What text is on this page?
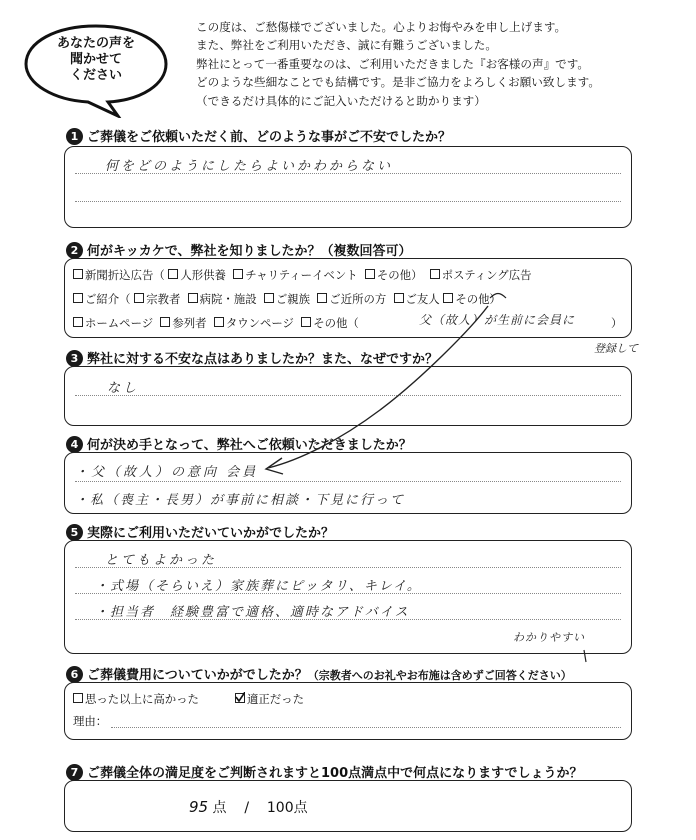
あなたの声を
聞かせて
ください
この度は、ご愁傷様でございました。心よりお悔やみを申し上げます。
また、弊社をご利用いただき、誠に有難うございました。
弊社にとって一番重要なのは、ご利用いただきました『お客様の声』です。
どのような些細なことでも結構です。是非ご協力をよろしくお願い致します。
（できるだけ具体的にご記入いただけると助かります）
1 ご葬儀をご依頼いただく前、どのような事がご不安でしたか？
何をどのようにしたらよいかわからない
2 何がキッカケで、弊社を知りましたか？（複数回答可）
新聞折込広告（ 人形供養 チャリティーイベント その他） ポスティング広告
ご紹介（ 宗教者 病院・施設 ご親族 ご近所の方 ご友人 その他）
ホームページ 参列者 タウンページ その他（	父（故人）が生前に会員に	）
登録して
3 弊社に対する不安な点はありましたか？また、なぜですか？
なし
4 何が決め手となって、弊社へご依頼いただきましたか？
・父（故人）の意向 会員
・私（喪主・長男）が事前に相談・下見に行って
5 実際にご利用いただいていかがでしたか？
とてもよかった
・式場（そらいえ）家族葬にピッタリ、キレイ。
・担当者　経験豊富で適格、適時なアドバイス
わかりやすい
6 ご葬儀費用についていかがでしたか？（宗教者へのお礼やお布施は含めずご回答ください）
思った以上に高かった	適正だった
理由：
7 ご葬儀全体の満足度をご判断されますと100点満点中で何点になりますでしょうか？
95 点 / 100点
